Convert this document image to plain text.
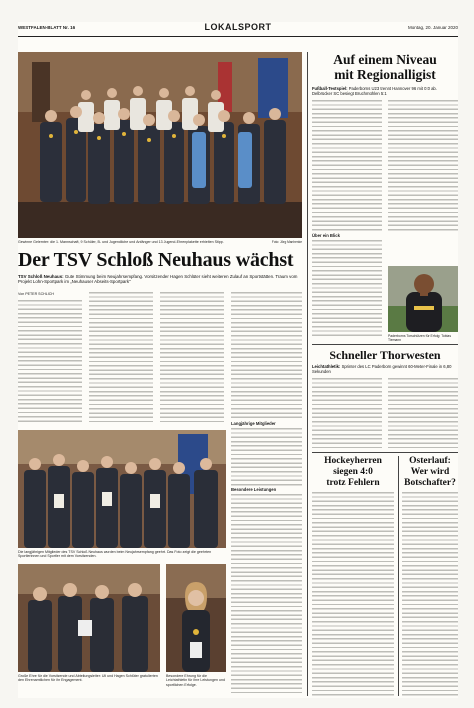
WESTFALEN-BLATT Nr. 16	LOKALSPORT	Montag, 20. Januar 2020
Gewinne Gelernter: die 1. Mannschaft, 9 Schüler, B- und Jugendliche und Anfänger und 13 Jugend-Ehrenplakette erhielten Stipp.	Foto: Jörg Manhenke
Der TSV Schloß Neuhaus wächst
TSV Schloß Neuhaus: Gute Stimmung beim Neujahrsempfang. Vorsitzender Hagen Schlüter sieht weiteren Zulauf an Sportstätten. Traum vom Projekt Lohn-Sportpark im „Neuhauser Abseits-Sportpark"
Von PETER SCHLICH
Langjährige Mitglieder
Besondere Leistungen
Die langjährigen Mitglieder des TSV Schloß Neuhaus wurden beim Neujahrsempfang geehrt. Das Foto zeigt die geehrten Sportlerinnen und Sportler mit dem Vorsitzenden.
Große Ehre für die Vorsitzende und Abteilungsleiter: Uli und Hagen Schlüter gratulierten den Ehrenamtlichen für ihr Engagement.
Besondere Ehrung für die Leichtathletin für ihre Leistungen und sportlichen Erfolge.
Auf einem Niveau
mit Regionalligist
Fußball-Testspiel: Paderborns U23 trennt Hannover 96 mit 0:0 ab. Delbrücker SC besiegt Bruchmühlen 5:1
Über ein Blick
Paderborns Torschützen für Erfolg: Tobias Tiemann
Schneller Thorwesten
Leichtathletik: Sprinter des LC Paderborn gewinnt 60-Meter-Finale in 6,80 Sekunden
Hockeyherren
siegen 4:0
trotz Fehlern
Osterlauf:
Wer wird
Botschafter?
